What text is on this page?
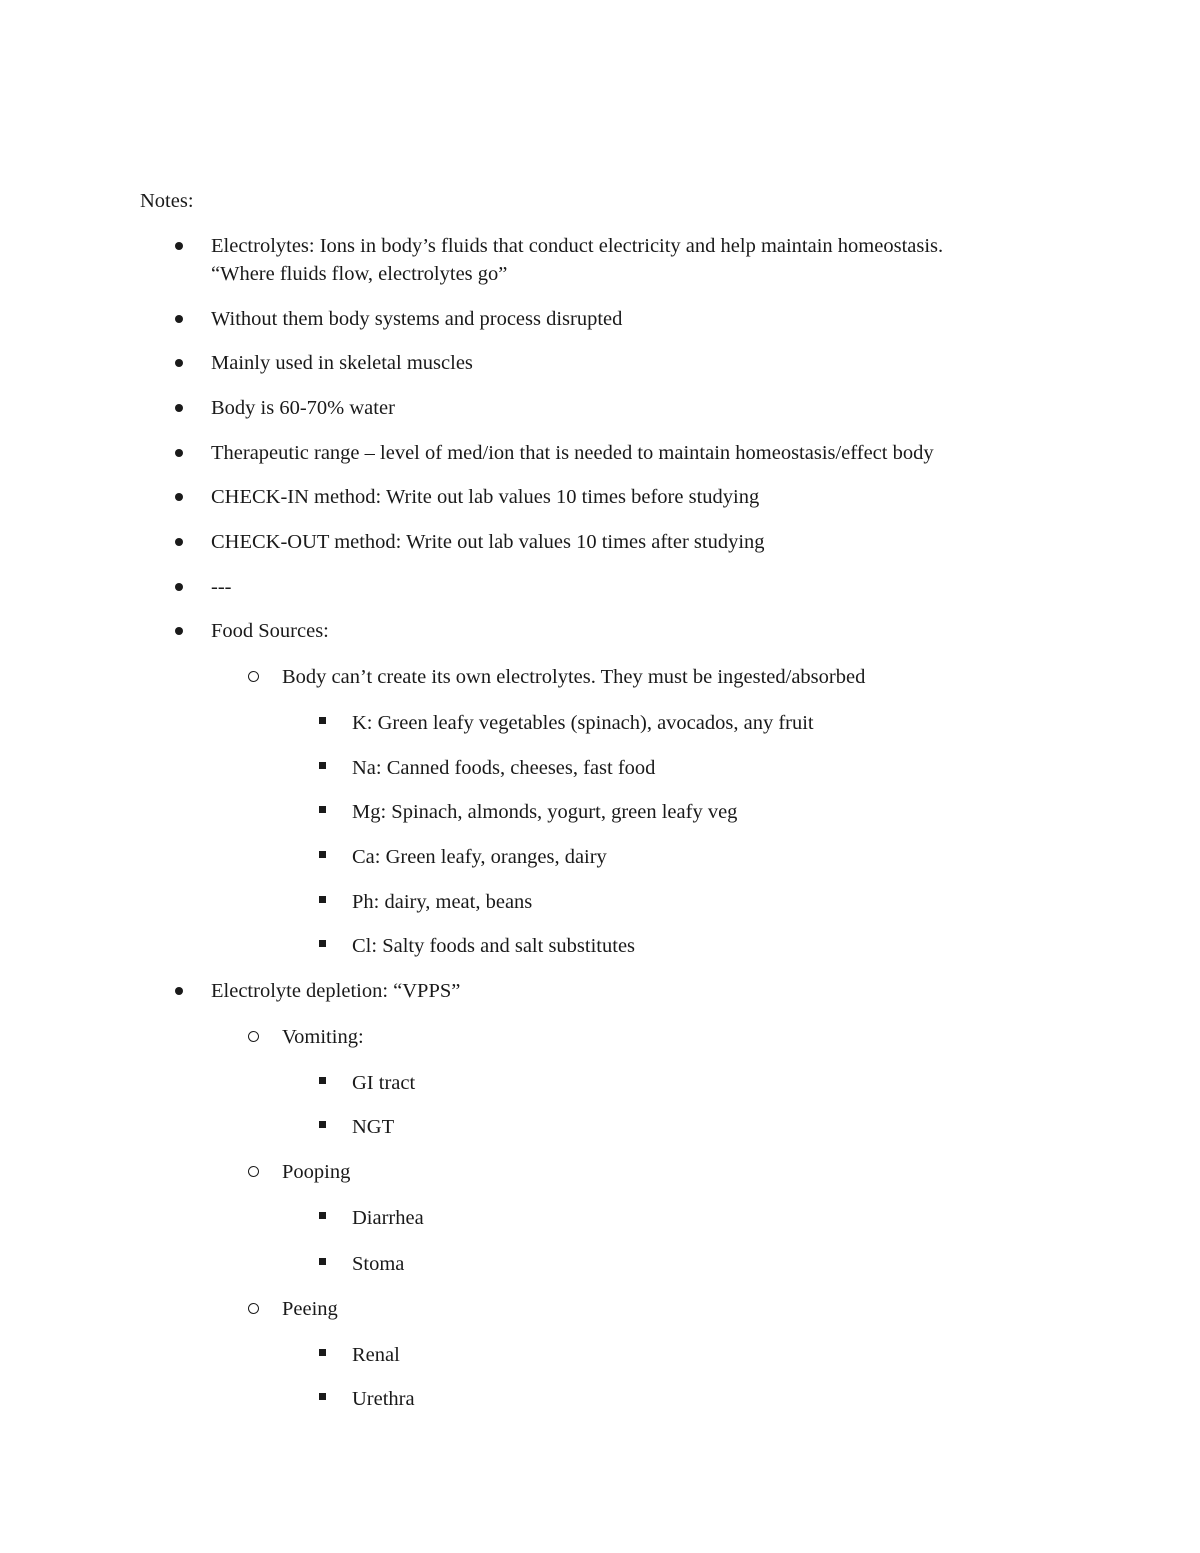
Notes:
Electrolytes: Ions in body’s fluids that conduct electricity and help maintain homeostasis.
“Where fluids flow, electrolytes go”
Without them body systems and process disrupted
Mainly used in skeletal muscles
Body is 60-70% water
Therapeutic range – level of med/ion that is needed to maintain homeostasis/effect body
CHECK-IN method: Write out lab values 10 times before studying
CHECK-OUT method: Write out lab values 10 times after studying
---
Food Sources:
Body can’t create its own electrolytes. They must be ingested/absorbed
K: Green leafy vegetables (spinach), avocados, any fruit
Na: Canned foods, cheeses, fast food
Mg: Spinach, almonds, yogurt, green leafy veg
Ca: Green leafy, oranges, dairy
Ph: dairy, meat, beans
Cl: Salty foods and salt substitutes
Electrolyte depletion: “VPPS”
Vomiting:
GI tract
NGT
Pooping
Diarrhea
Stoma
Peeing
Renal
Urethra
